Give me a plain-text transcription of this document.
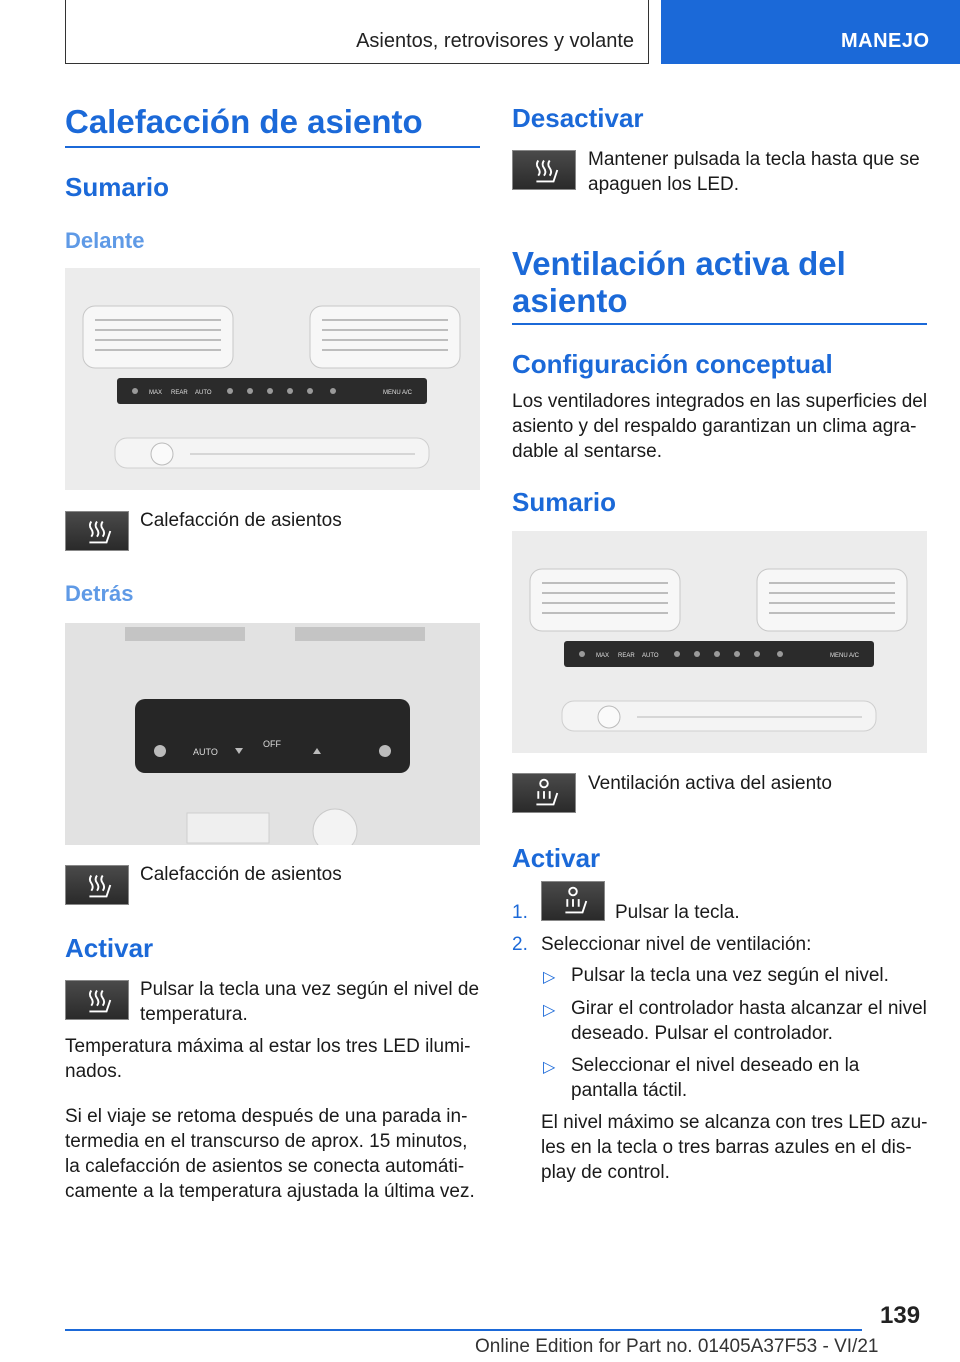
Asientos, retrovisores y volante	MANEJO
Calefacción de asiento
Sumario
Delante
MAX REAR AUTO	MENU A/C
Calefacción de asientos
Detrás
AUTO
OFF
Calefacción de asientos
Activar
Pulsar la tecla una vez según el nivel de temperatura.
Temperatura máxima al estar los tres LED ilumi-nados.
Si el viaje se retoma después de una parada in-termedia en el transcurso de aprox. 15 minutos, la calefacción de asientos se conecta automáti-camente a la temperatura ajustada la última vez.
Desactivar
Mantener pulsada la tecla hasta que se apaguen los LED.
Ventilación activa del asiento
Configuración conceptual
Los ventiladores integrados en las superficies del asiento y del respaldo garantizan un clima agra-dable al sentarse.
Sumario
MAX REAR AUTO	MENU A/C
Ventilación activa del asiento
Activar
1.	Pulsar la tecla.
2. Seleccionar nivel de ventilación:
▷ Pulsar la tecla una vez según el nivel.
▷ Girar el controlador hasta alcanzar el nivel deseado. Pulsar el controlador.
▷ Seleccionar el nivel deseado en la pantalla táctil.
El nivel máximo se alcanza con tres LED azu-les en la tecla o tres barras azules en el dis-play de control.
139
Online Edition for Part no. 01405A37F53 - VI/21
